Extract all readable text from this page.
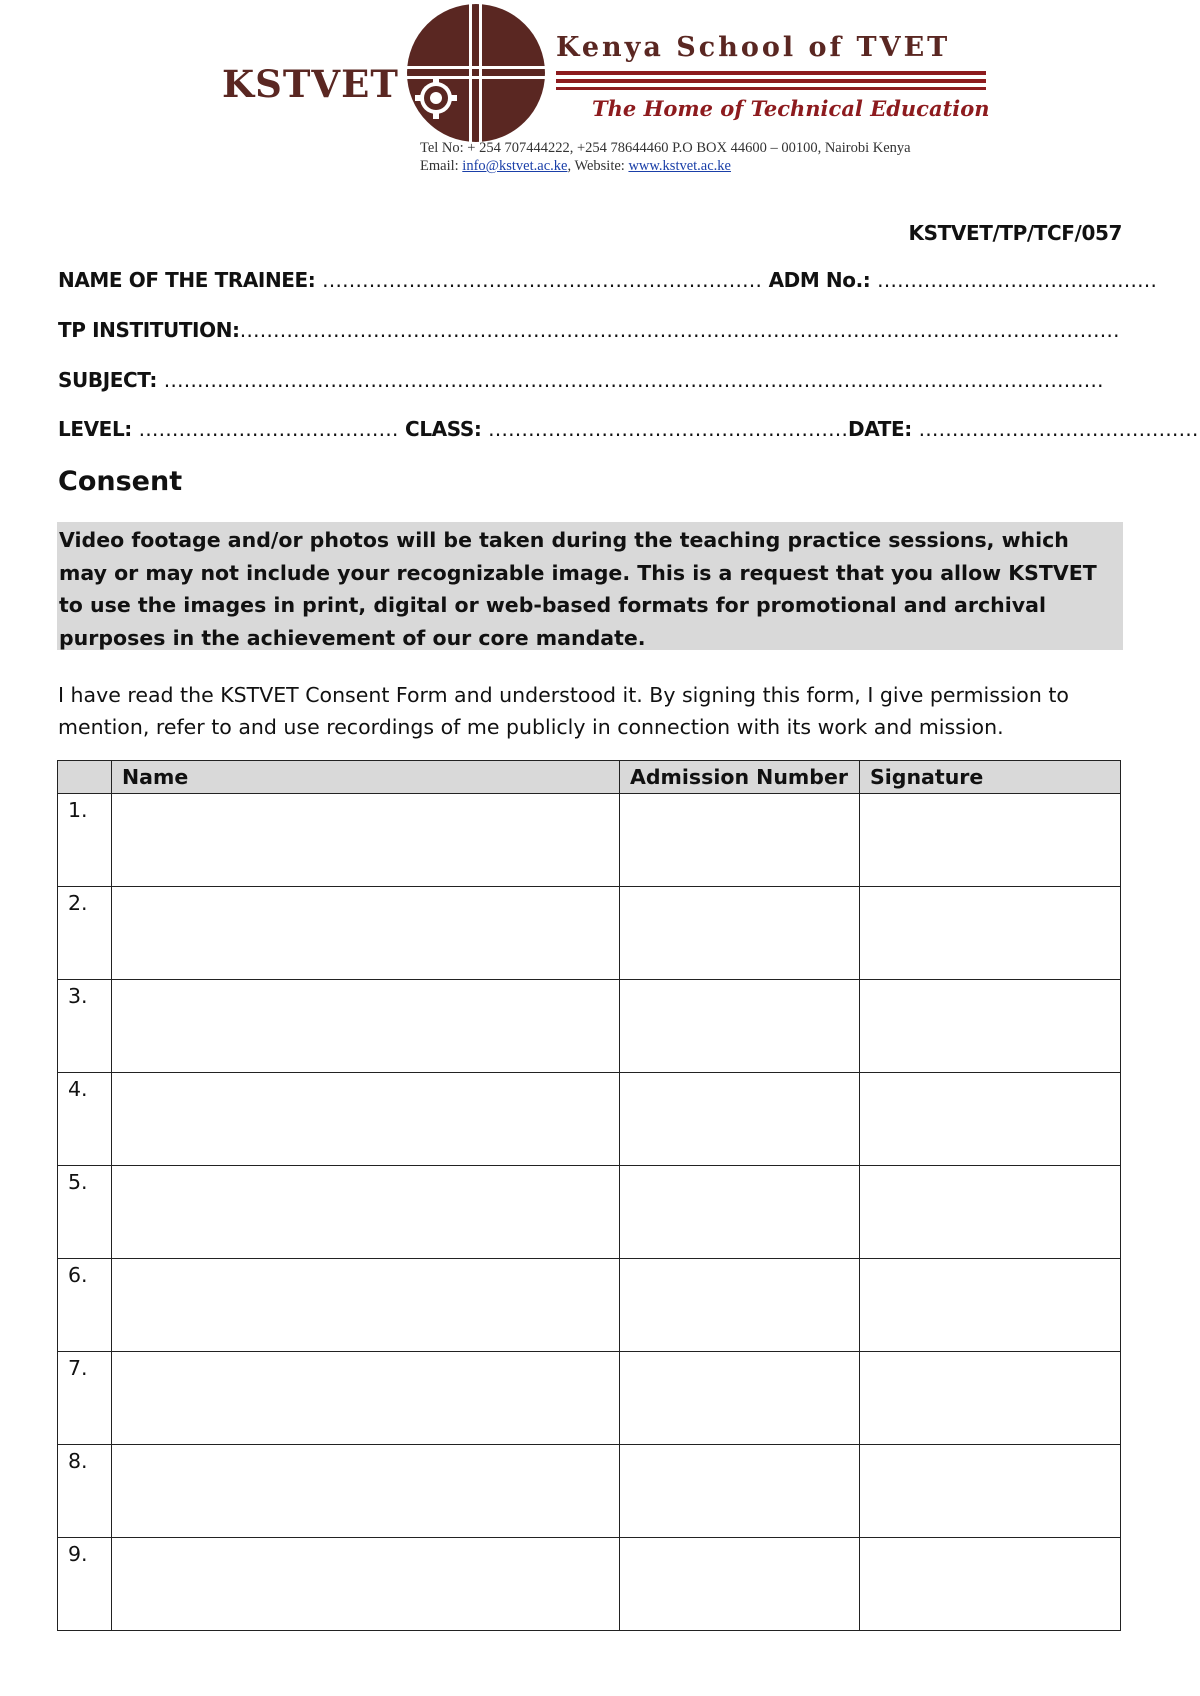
KSTVET
Kenya School of TVET
The Home of Technical Education
Tel No: + 254 707444222, +254 78644460 P.O BOX 44600 – 00100, Nairobi Kenya
Email: info@kstvet.ac.ke, Website: www.kstvet.ac.ke
KSTVET/TP/TCF/057
NAME OF THE TRAINEE: ………………………………………………………… ADM No.: ……………………………………
TP INSTITUTION:……………………………………………………………………………………………………………………
SUBJECT: ……………………………………………………………………………………………………………………………
LEVEL: ………………………………… CLASS: ………………………………………………DATE: ……………………………………
Consent
Video footage and/or photos will be taken during the teaching practice sessions, which may or may not include your recognizable image. This is a request that you allow KSTVET to use the images in print, digital or web-based formats for promotional and archival purposes in the achievement of our core mandate.
I have read the KSTVET Consent Form and understood it. By signing this form, I give permission to mention, refer to and use recordings of me publicly in connection with its work and mission.
	Name	Admission Number	Signature
1.			
2.			
3.			
4.			
5.			
6.			
7.			
8.			
9.			
